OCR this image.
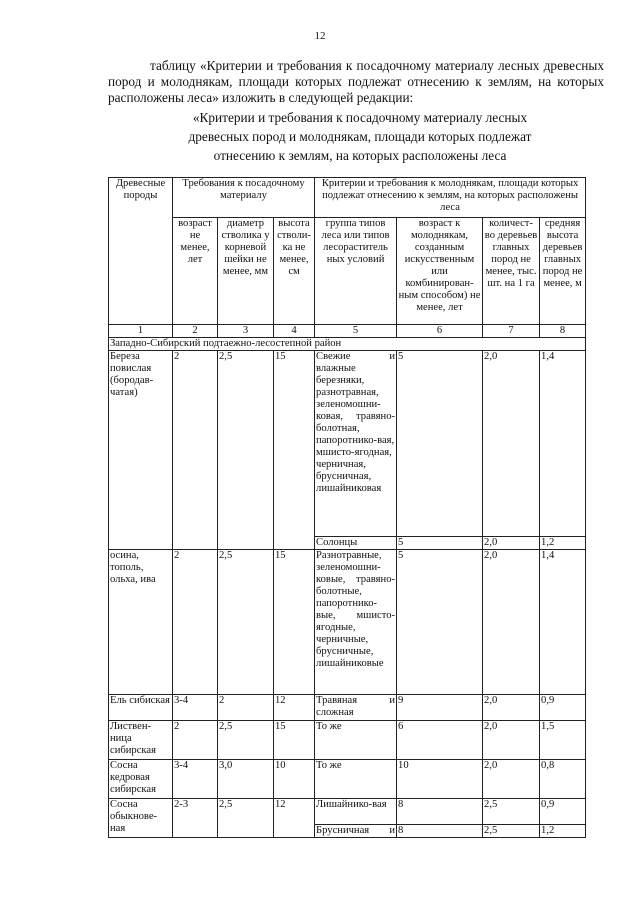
12

таблицу «Критерии и требования к посадочному материалу лесных древесных пород и молоднякам, площади которых подлежат отнесению к землям, на которых расположены леса» изложить в следующей редакции:

«Критерии и требования к посадочному материалу лесных
древесных пород и молоднякам, площади которых подлежат
отнесению к землям, на которых расположены леса
Древесные породы	Требования к посадочному материалу			Критерии и требования к молоднякам, площади которых подлежат отнесению к землям, на которых расположены леса			
	возраст не менее, лет	диаметр стволика у корневой шейки не менее, мм	высота стволи-ка не менее, см	группа типов леса или типов лесораститель ных условий	возраст к молоднякам, созданным искусственным или комбинирован-ным способом) не менее, лет	количест-во деревьев главных пород не менее, тыс. шт. на 1 га	средняя высота деревьев главных пород не менее, м
1	2	3	4	5	6	7	8
Западно-Сибирский подтаежно-лесостепной район							
Береза повислая (бородав-чатая)	2	2,5	15	Свежие и влажные березняки, разнотравная, зеленомошни-ковая, травяно-болотная, папоротнико-вая, мшисто-ягодная, черничная, брусничная, лишайниковая	5	2,0	1,4
				Солонцы	5	2,0	1,2
осина, тополь, ольха, ива	2	2,5	15	Разнотравные, зеленомошни-ковые, травяно-болотные, папоротнико-вые, мшисто-ягодные, черничные, брусничные, лишайниковые	5	2,0	1,4
Ель сибиская	3-4	2	12	Травяная и сложная	9	2,0	0,9
Листвен-ница сибирская	2	2,5	15	То же	6	2,0	1,5
Сосна кедровая сибирская	3-4	3,0	10	То же	10	2,0	0,8
Сосна обыкнове-ная	2-3	2,5	12	Лишайнико-вая	8	2,5	0,9
				Брусничная и	8	2,5	1,2
